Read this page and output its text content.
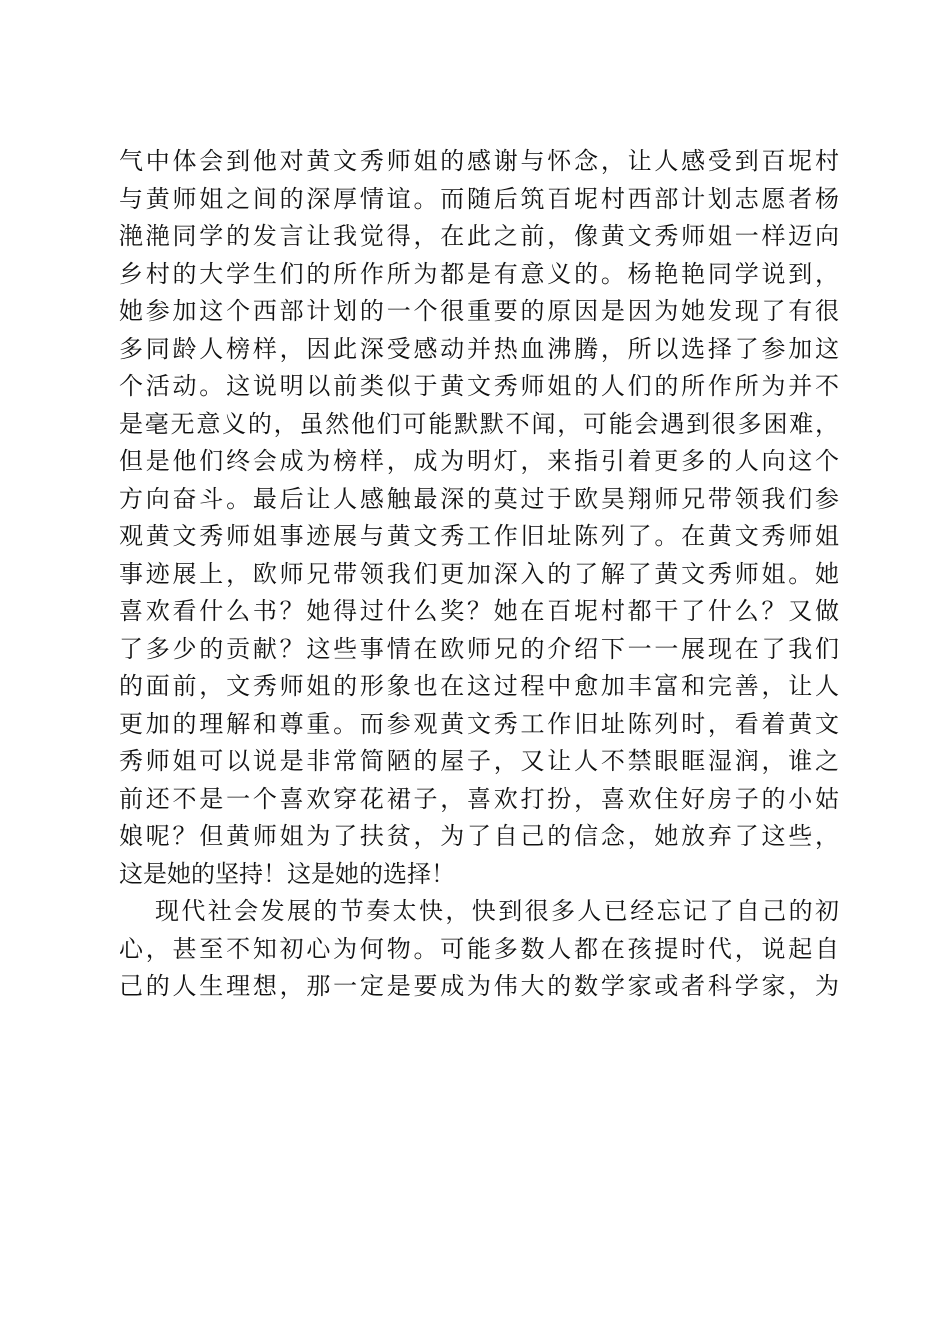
气中体会到他对黄文秀师姐的感谢与怀念，让人感受到百坭村
与黄师姐之间的深厚情谊。而随后筑百坭村西部计划志愿者杨
滟滟同学的发言让我觉得，在此之前，像黄文秀师姐一样迈向
乡村的大学生们的所作所为都是有意义的。杨艳艳同学说到，
她参加这个西部计划的一个很重要的原因是因为她发现了有很
多同龄人榜样，因此深受感动并热血沸腾，所以选择了参加这
个活动。这说明以前类似于黄文秀师姐的人们的所作所为并不
是毫无意义的，虽然他们可能默默不闻，可能会遇到很多困难，
但是他们终会成为榜样，成为明灯，来指引着更多的人向这个
方向奋斗。最后让人感触最深的莫过于欧昊翔师兄带领我们参
观黄文秀师姐事迹展与黄文秀工作旧址陈列了。在黄文秀师姐
事迹展上，欧师兄带领我们更加深入的了解了黄文秀师姐。她
喜欢看什么书？她得过什么奖？她在百坭村都干了什么？又做
了多少的贡献？这些事情在欧师兄的介绍下一一展现在了我们
的面前，文秀师姐的形象也在这过程中愈加丰富和完善，让人
更加的理解和尊重。而参观黄文秀工作旧址陈列时，看着黄文
秀师姐可以说是非常简陋的屋子，又让人不禁眼眶湿润，谁之
前还不是一个喜欢穿花裙子，喜欢打扮，喜欢住好房子的小姑
娘呢？但黄师姐为了扶贫，为了自己的信念，她放弃了这些，
这是她的坚持！这是她的选择！
现代社会发展的节奏太快，快到很多人已经忘记了自己的初
心，甚至不知初心为何物。可能多数人都在孩提时代，说起自
己的人生理想，那一定是要成为伟大的数学家或者科学家，为
